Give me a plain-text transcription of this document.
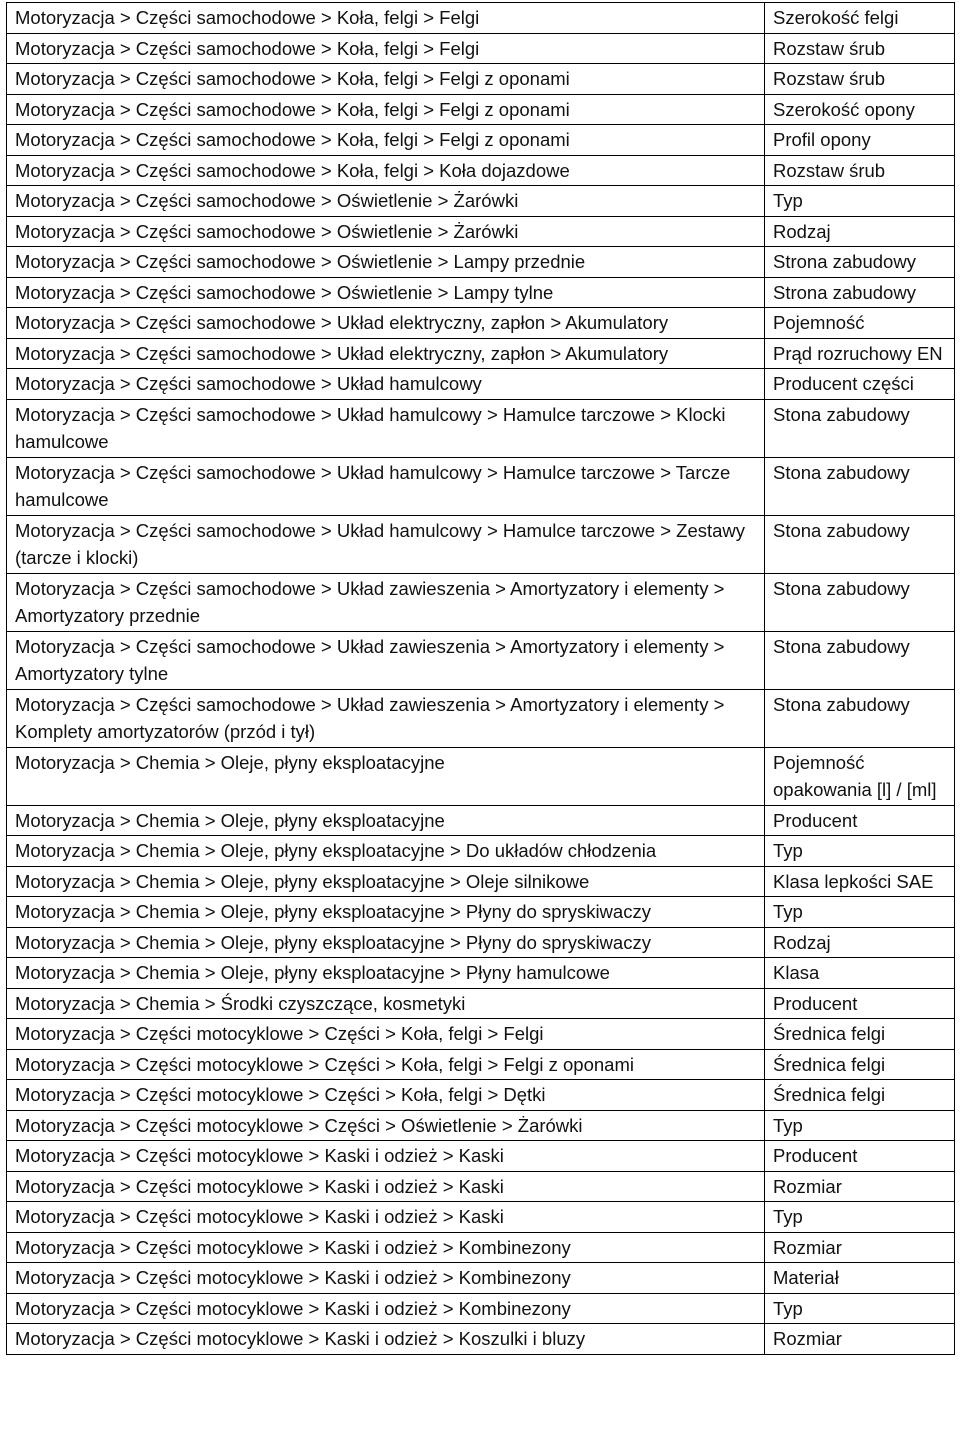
Motoryzacja > Części samochodowe > Koła, felgi > Felgi	Szerokość felgi
Motoryzacja > Części samochodowe > Koła, felgi > Felgi	Rozstaw śrub
Motoryzacja > Części samochodowe > Koła, felgi > Felgi z oponami	Rozstaw śrub
Motoryzacja > Części samochodowe > Koła, felgi > Felgi z oponami	Szerokość opony
Motoryzacja > Części samochodowe > Koła, felgi > Felgi z oponami	Profil opony
Motoryzacja > Części samochodowe > Koła, felgi > Koła dojazdowe	Rozstaw śrub
Motoryzacja > Części samochodowe > Oświetlenie > Żarówki	Typ
Motoryzacja > Części samochodowe > Oświetlenie > Żarówki	Rodzaj
Motoryzacja > Części samochodowe > Oświetlenie > Lampy przednie	Strona zabudowy
Motoryzacja > Części samochodowe > Oświetlenie > Lampy tylne	Strona zabudowy
Motoryzacja > Części samochodowe > Układ elektryczny, zapłon > Akumulatory	Pojemność
Motoryzacja > Części samochodowe > Układ elektryczny, zapłon > Akumulatory	Prąd rozruchowy EN
Motoryzacja > Części samochodowe > Układ hamulcowy	Producent części
Motoryzacja > Części samochodowe > Układ hamulcowy > Hamulce tarczowe > Klocki hamulcowe	Stona zabudowy
Motoryzacja > Części samochodowe > Układ hamulcowy > Hamulce tarczowe > Tarcze hamulcowe	Stona zabudowy
Motoryzacja > Części samochodowe > Układ hamulcowy > Hamulce tarczowe > Zestawy (tarcze i klocki)	Stona zabudowy
Motoryzacja > Części samochodowe > Układ zawieszenia > Amortyzatory i elementy > Amortyzatory przednie	Stona zabudowy
Motoryzacja > Części samochodowe > Układ zawieszenia > Amortyzatory i elementy > Amortyzatory tylne	Stona zabudowy
Motoryzacja > Części samochodowe > Układ zawieszenia > Amortyzatory i elementy > Komplety amortyzatorów (przód i tył)	Stona zabudowy
Motoryzacja > Chemia > Oleje, płyny eksploatacyjne	Pojemność opakowania [l] / [ml]
Motoryzacja > Chemia > Oleje, płyny eksploatacyjne	Producent
Motoryzacja > Chemia > Oleje, płyny eksploatacyjne > Do układów chłodzenia	Typ
Motoryzacja > Chemia > Oleje, płyny eksploatacyjne > Oleje silnikowe	Klasa lepkości SAE
Motoryzacja > Chemia > Oleje, płyny eksploatacyjne > Płyny do spryskiwaczy	Typ
Motoryzacja > Chemia > Oleje, płyny eksploatacyjne > Płyny do spryskiwaczy	Rodzaj
Motoryzacja > Chemia > Oleje, płyny eksploatacyjne > Płyny hamulcowe	Klasa
Motoryzacja > Chemia > Środki czyszczące, kosmetyki	Producent
Motoryzacja > Części motocyklowe > Części > Koła, felgi > Felgi	Średnica felgi
Motoryzacja > Części motocyklowe > Części > Koła, felgi > Felgi z oponami	Średnica felgi
Motoryzacja > Części motocyklowe > Części > Koła, felgi > Dętki	Średnica felgi
Motoryzacja > Części motocyklowe > Części > Oświetlenie > Żarówki	Typ
Motoryzacja > Części motocyklowe > Kaski i odzież > Kaski	Producent
Motoryzacja > Części motocyklowe > Kaski i odzież > Kaski	Rozmiar
Motoryzacja > Części motocyklowe > Kaski i odzież > Kaski	Typ
Motoryzacja > Części motocyklowe > Kaski i odzież > Kombinezony	Rozmiar
Motoryzacja > Części motocyklowe > Kaski i odzież > Kombinezony	Materiał
Motoryzacja > Części motocyklowe > Kaski i odzież > Kombinezony	Typ
Motoryzacja > Części motocyklowe > Kaski i odzież > Koszulki i bluzy	Rozmiar
